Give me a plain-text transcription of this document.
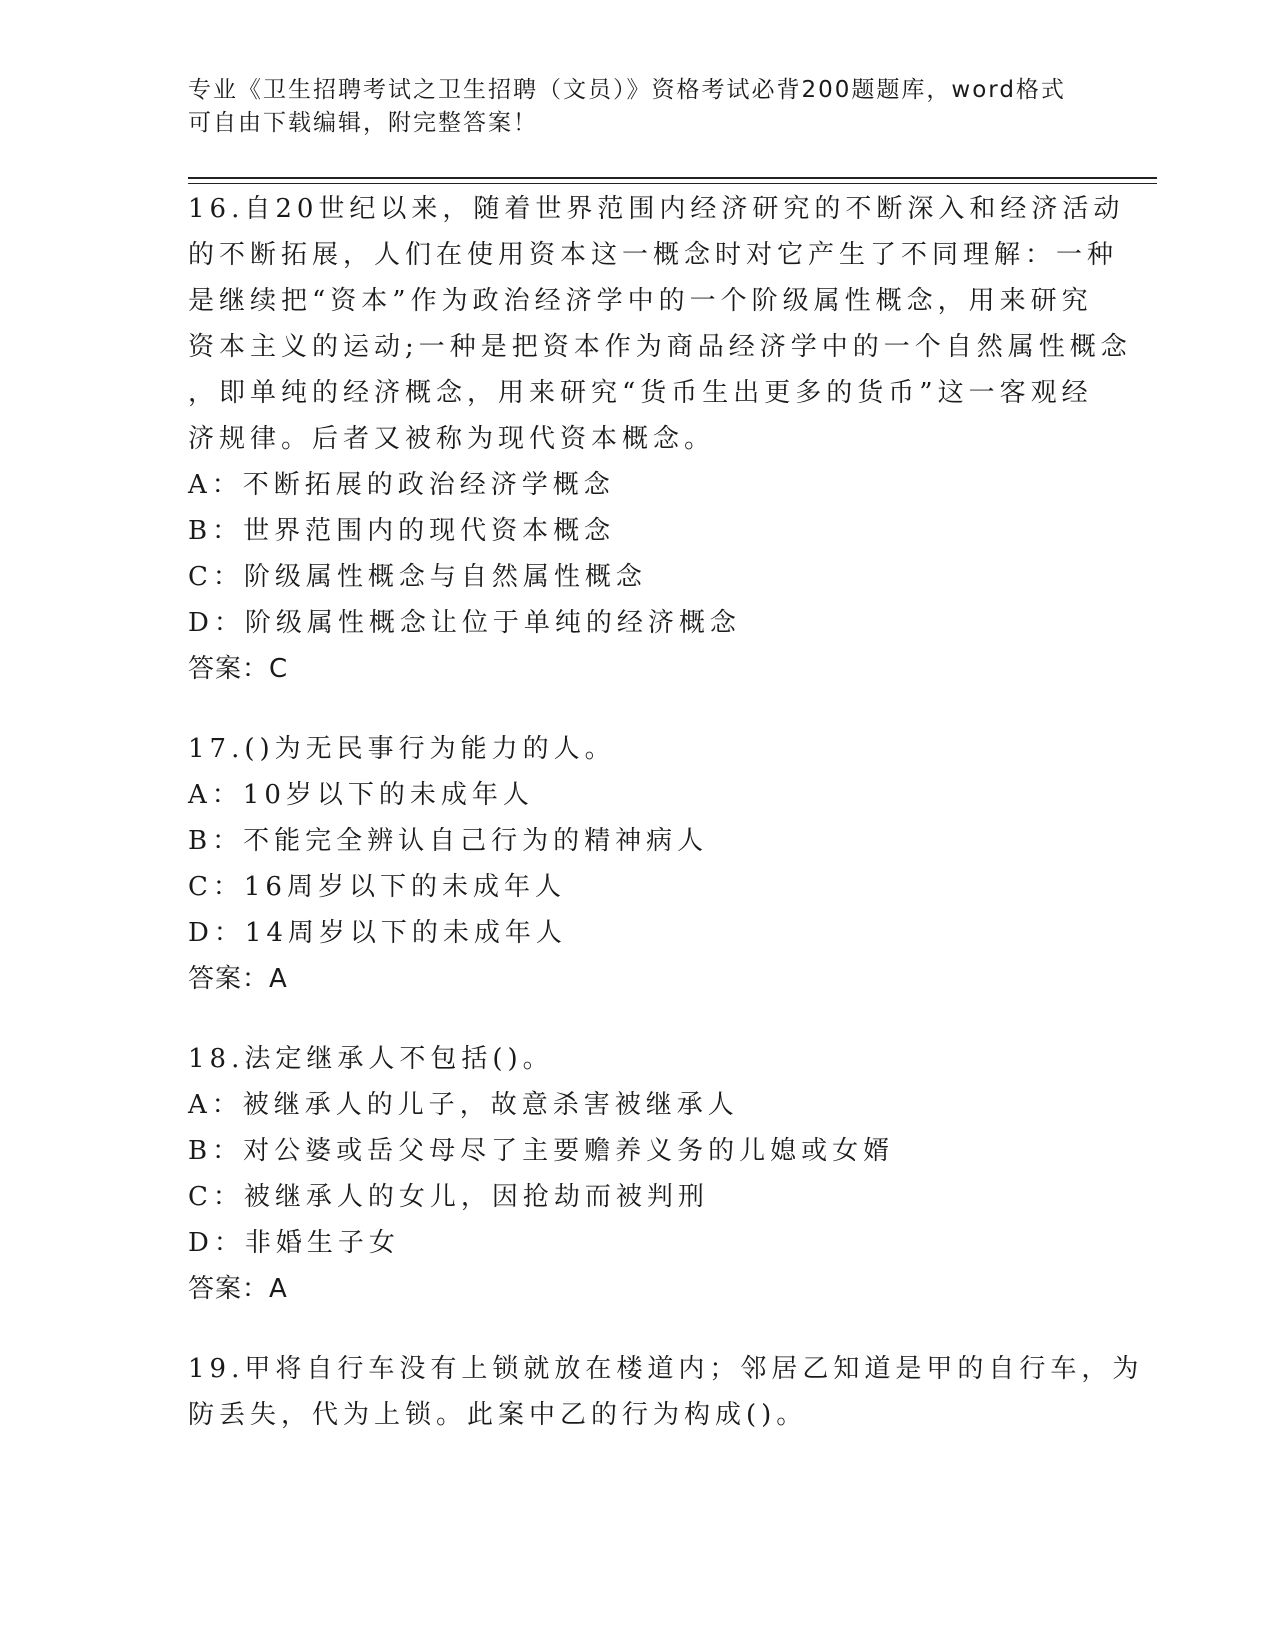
专业《卫生招聘考试之卫生招聘（文员）》资格考试必背200题题库，word格式

可自由下载编辑，附完整答案！

16.自20世纪以来，随着世界范围内经济研究的不断深入和经济活动

的不断拓展，人们在使用资本这一概念时对它产生了不同理解：一种

是继续把“资本”作为政治经济学中的一个阶级属性概念，用来研究

资本主义的运动;一种是把资本作为商品经济学中的一个自然属性概念

，即单纯的经济概念，用来研究“货币生出更多的货币”这一客观经

济规律。后者又被称为现代资本概念。

A：不断拓展的政治经济学概念

B：世界范围内的现代资本概念

C：阶级属性概念与自然属性概念

D：阶级属性概念让位于单纯的经济概念

答案：C

17.()为无民事行为能力的人。

A：10岁以下的未成年人

B：不能完全辨认自己行为的精神病人

C：16周岁以下的未成年人

D：14周岁以下的未成年人

答案：A

18.法定继承人不包括()。

A：被继承人的儿子，故意杀害被继承人

B：对公婆或岳父母尽了主要赡养义务的儿媳或女婿

C：被继承人的女儿，因抢劫而被判刑

D：非婚生子女

答案：A

19.甲将自行车没有上锁就放在楼道内；邻居乙知道是甲的自行车，为

防丢失，代为上锁。此案中乙的行为构成()。
